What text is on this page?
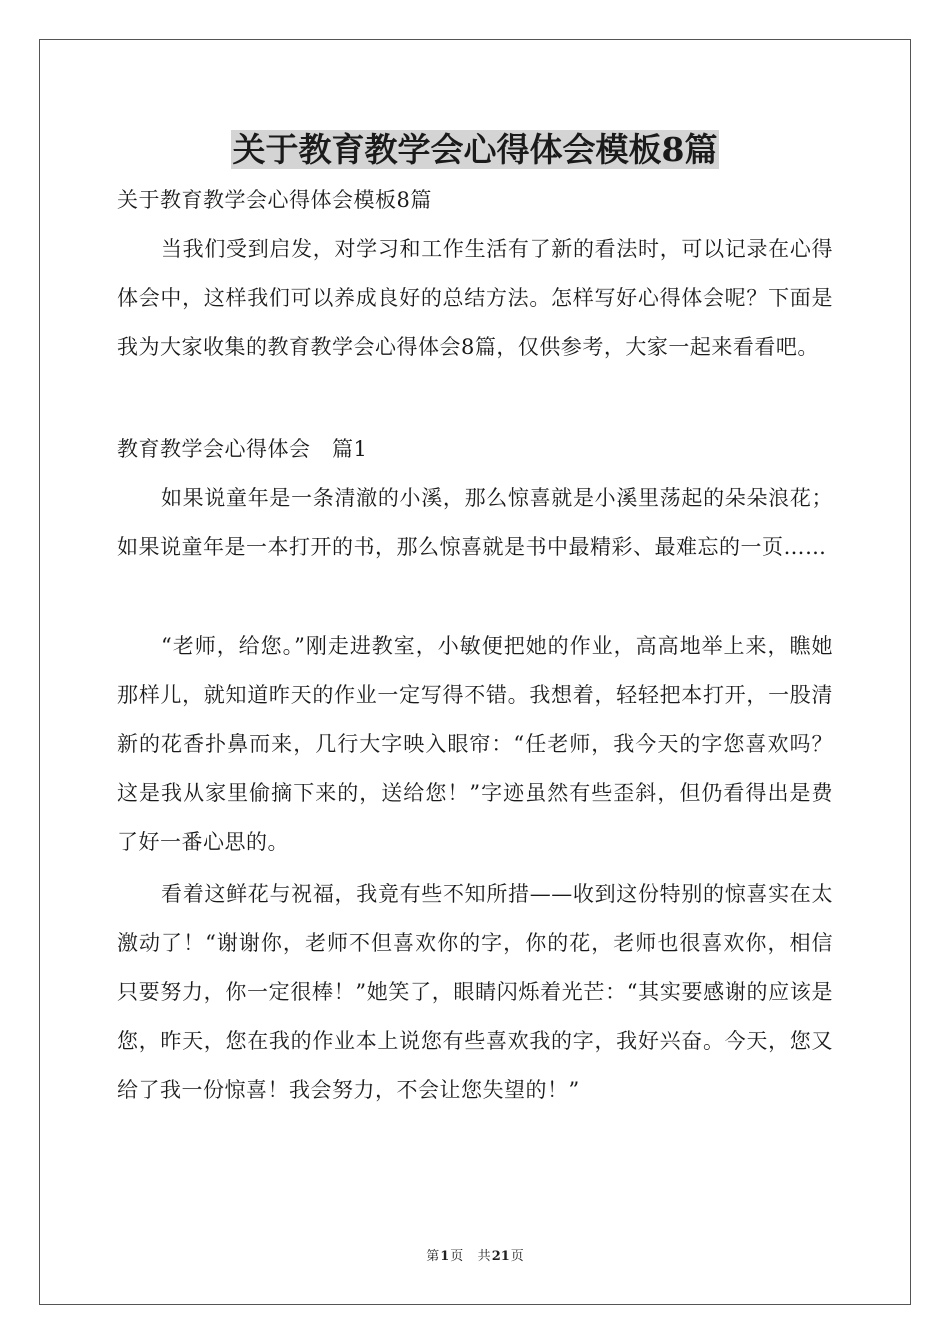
关于教育教学会心得体会模板8篇

关于教育教学会心得体会模板8篇

当我们受到启发，对学习和工作生活有了新的看法时，可以记录在心得体会中，这样我们可以养成良好的总结方法。怎样写好心得体会呢？下面是我为大家收集的教育教学会心得体会8篇，仅供参考，大家一起来看看吧。

教育教学会心得体会　篇1

如果说童年是一条清澈的小溪，那么惊喜就是小溪里荡起的朵朵浪花；如果说童年是一本打开的书，那么惊喜就是书中最精彩、最难忘的一页……

“老师，给您。”刚走进教室，小敏便把她的作业，高高地举上来，瞧她那样儿，就知道昨天的作业一定写得不错。我想着，轻轻把本打开，一股清新的花香扑鼻而来，几行大字映入眼帘：“任老师，我今天的字您喜欢吗？这是我从家里偷摘下来的，送给您！”字迹虽然有些歪斜，但仍看得出是费了好一番心思的。

看着这鲜花与祝福，我竟有些不知所措——收到这份特别的惊喜实在太激动了！“谢谢你，老师不但喜欢你的字，你的花，老师也很喜欢你，相信只要努力，你一定很棒！”她笑了，眼睛闪烁着光芒：“其实要感谢的应该是您，昨天，您在我的作业本上说您有些喜欢我的字，我好兴奋。今天，您又给了我一份惊喜！我会努力，不会让您失望的！”

第1页 共21页
